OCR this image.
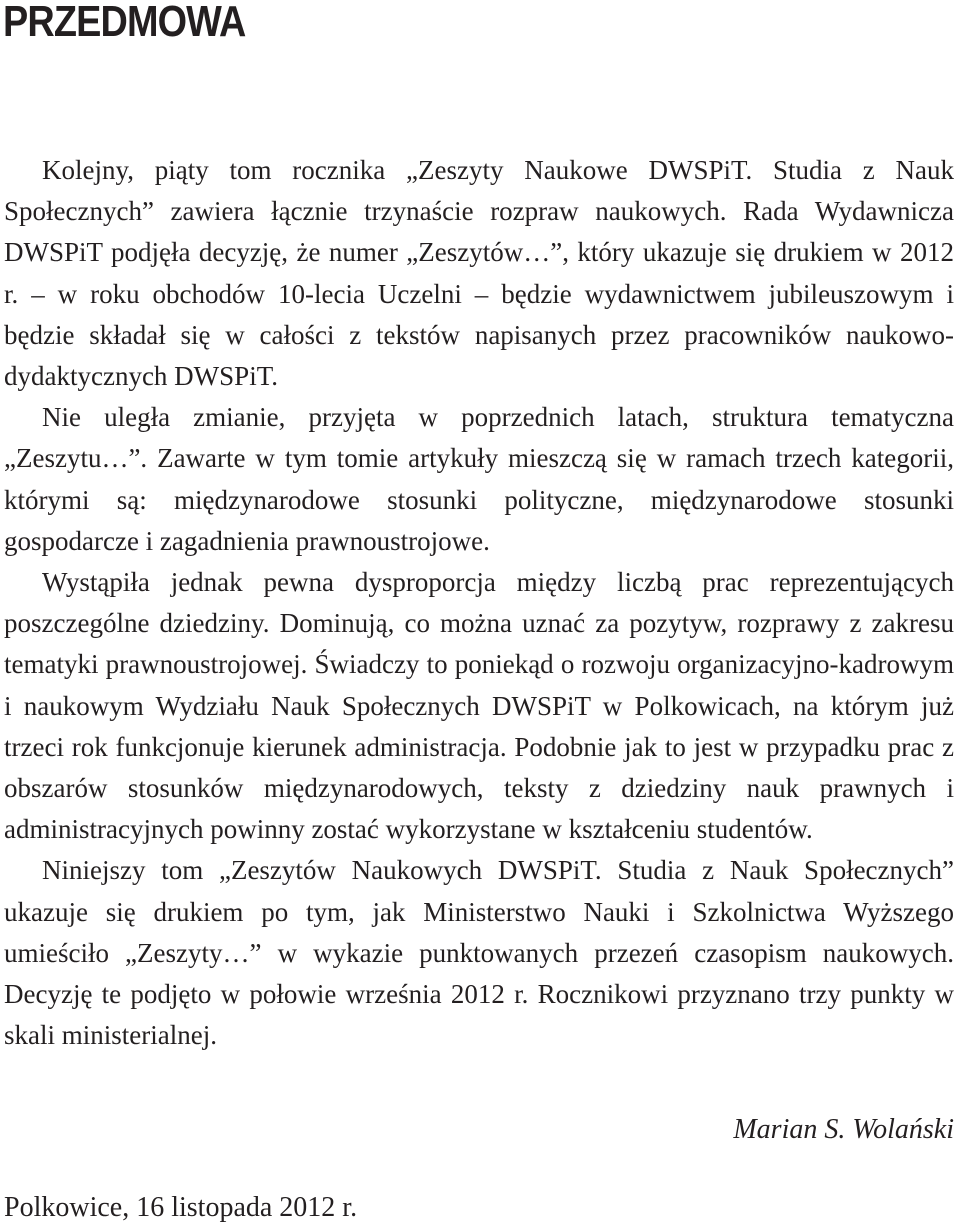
PRZEDMOWA

Kolejny, piąty tom rocznika „Zeszyty Naukowe DWSPiT. Studia z Nauk Społecznych” zawiera łącznie trzynaście rozpraw naukowych. Rada Wydawnicza DWSPiT podjęła decyzję, że numer „Zeszytów…”, który ukazuje się drukiem w 2012 r. – w roku obchodów 10-lecia Uczelni – będzie wydawnictwem jubileuszowym i będzie składał się w całości z tekstów napisanych przez pracowników naukowo-dydaktycznych DWSPiT.

Nie uległa zmianie, przyjęta w poprzednich latach, struktura tematyczna „Zeszytu…”. Zawarte w tym tomie artykuły mieszczą się w ramach trzech kategorii, którymi są: międzynarodowe stosunki polityczne, międzynarodowe stosunki gospodarcze i zagadnienia prawnoustrojowe.

Wystąpiła jednak pewna dysproporcja między liczbą prac reprezentujących poszczególne dziedziny. Dominują, co można uznać za pozytyw, rozprawy z zakresu tematyki prawnoustrojowej. Świadczy to poniekąd o rozwoju organizacyjno-kadrowym i naukowym Wydziału Nauk Społecznych DWSPiT w Polkowicach, na którym już trzeci rok funkcjonuje kierunek administracja. Podobnie jak to jest w przypadku prac z obszarów stosunków międzynarodowych, teksty z dziedziny nauk prawnych i administracyjnych powinny zostać wykorzystane w kształceniu studentów.

Niniejszy tom „Zeszytów Naukowych DWSPiT. Studia z Nauk Społecznych” ukazuje się drukiem po tym, jak Ministerstwo Nauki i Szkolnictwa Wyższego umieściło „Zeszyty…” w wykazie punktowanych przezeń czasopism naukowych. Decyzję te podjęto w połowie września 2012 r. Rocznikowi przyznano trzy punkty w skali ministerialnej.

Marian S. Wolański
Polkowice, 16 listopada 2012 r.
